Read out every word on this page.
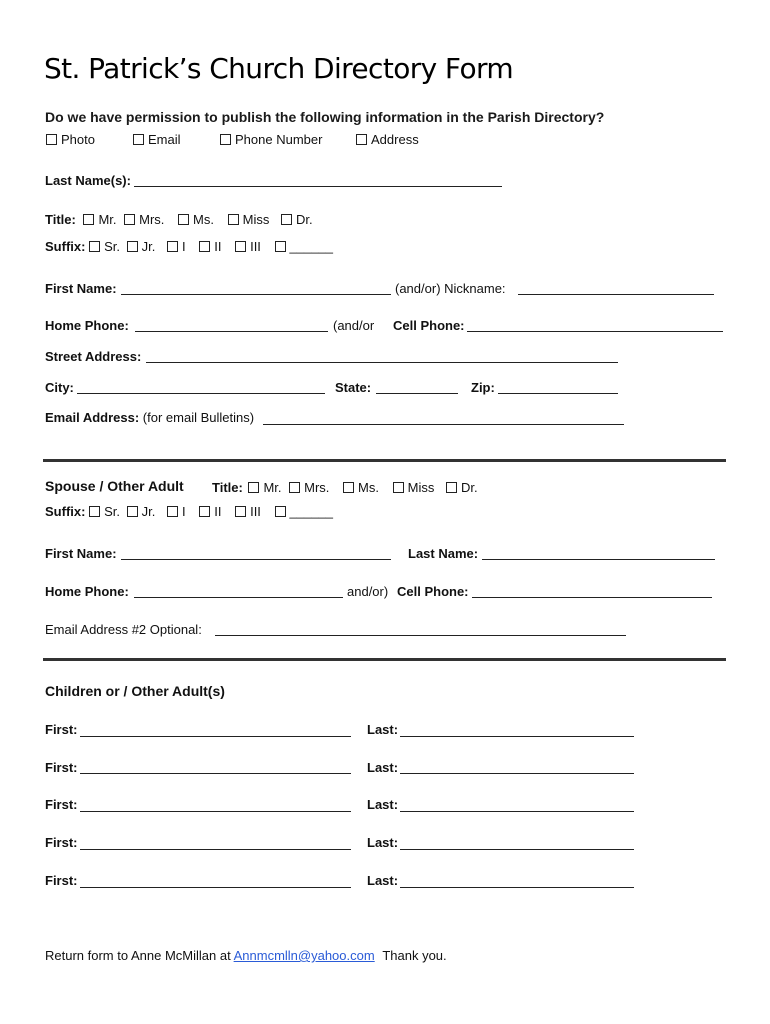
St. Patrick’s Church Directory Form
Do we have permission to publish the following information in the Parish Directory?
Photo	Email	Phone Number	Address
Last Name(s):
Title: Mr. Mrs. Ms. Miss Dr.
Suffix: Sr. Jr. I II III ______
First Name:	(and/or) Nickname:
Home Phone:	(and/or Cell Phone:
Street Address:
City:	State:	Zip:
Email Address: (for email Bulletins)
Spouse / Other Adult Title: Mr. Mrs. Ms. Miss Dr.
Suffix: Sr. Jr. I II III ______
First Name:	Last Name:
Home Phone:	and/or) Cell Phone:
Email Address #2 Optional:
Children or / Other Adult(s)
First:	Last:
First:	Last:
First:	Last:
First:	Last:
First:	Last:
Return form to Anne McMillan at Annmcmlln@yahoo.com Thank you.
